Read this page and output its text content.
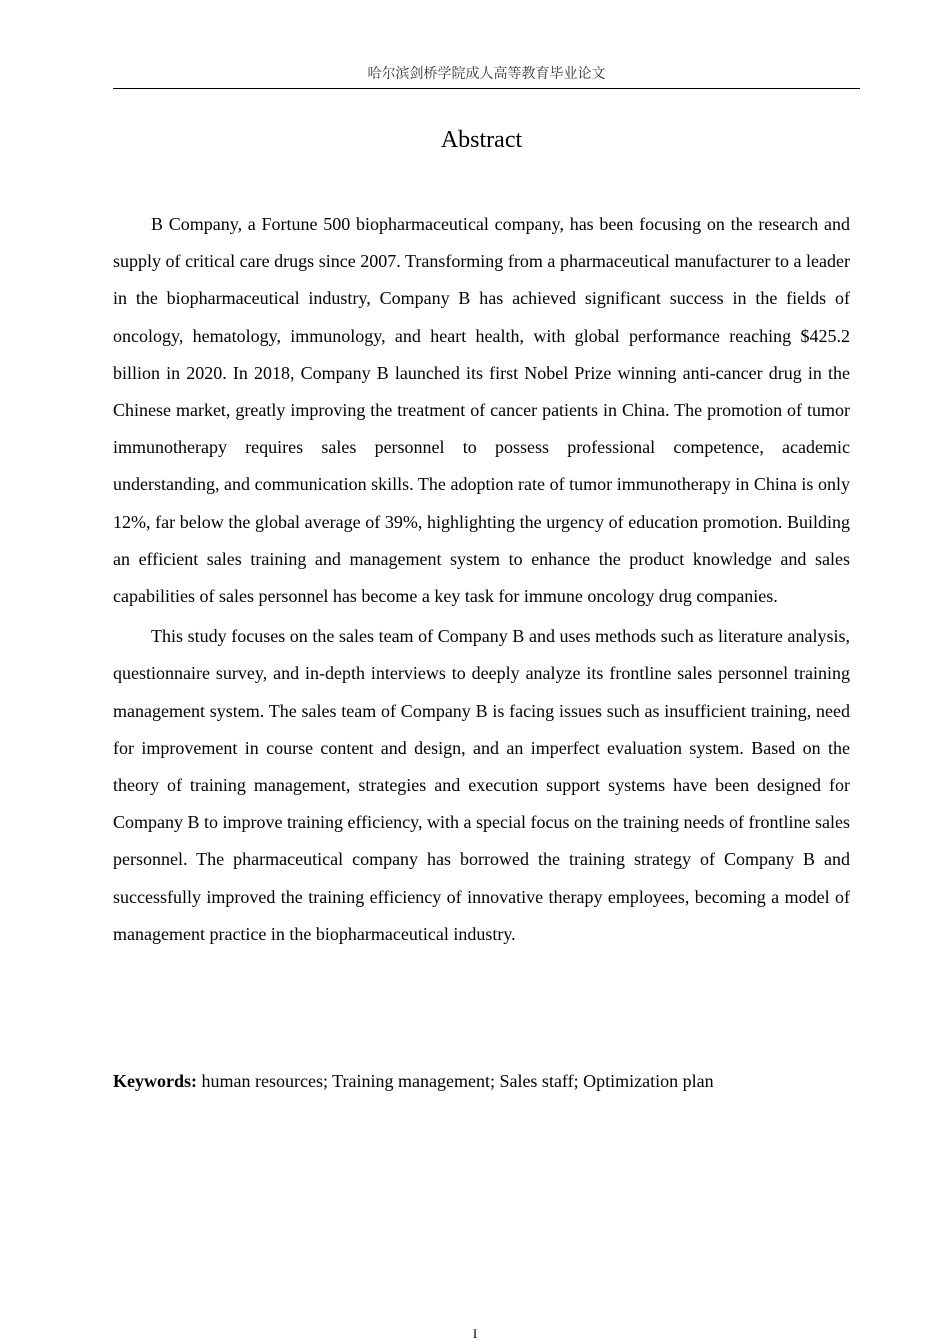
哈尔滨剑桥学院成人高等教育毕业论文
Abstract

B Company, a Fortune 500 biopharmaceutical company, has been focusing on the research and supply of critical care drugs since 2007. Transforming from a pharmaceutical manufacturer to a leader in the biopharmaceutical industry, Company B has achieved significant success in the fields of oncology, hematology, immunology, and heart health, with global performance reaching $425.2 billion in 2020. In 2018, Company B launched its first Nobel Prize winning anti-cancer drug in the Chinese market, greatly improving the treatment of cancer patients in China. The promotion of tumor immunotherapy requires sales personnel to possess professional competence, academic understanding, and communication skills. The adoption rate of tumor immunotherapy in China is only 12%, far below the global average of 39%, highlighting the urgency of education promotion. Building an efficient sales training and management system to enhance the product knowledge and sales capabilities of sales personnel has become a key task for immune oncology drug companies.

This study focuses on the sales team of Company B and uses methods such as literature analysis, questionnaire survey, and in-depth interviews to deeply analyze its frontline sales personnel training management system. The sales team of Company B is facing issues such as insufficient training, need for improvement in course content and design, and an imperfect evaluation system. Based on the theory of training management, strategies and execution support systems have been designed for Company B to improve training efficiency, with a special focus on the training needs of frontline sales personnel. The pharmaceutical company has borrowed the training strategy of Company B and successfully improved the training efficiency of innovative therapy employees, becoming a model of management practice in the biopharmaceutical industry.

Keywords: human resources; Training management; Sales staff; Optimization plan
I
